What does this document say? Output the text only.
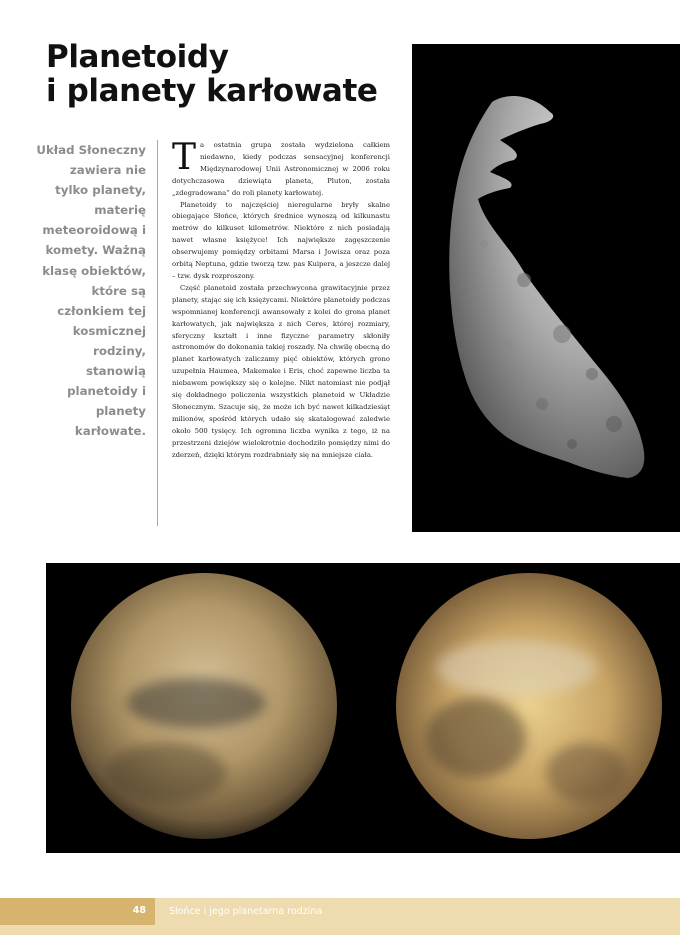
Planetoidy
i planety karłowate

Układ Słoneczny zawiera nie tylko planety, materię meteoroidową i komety. Ważną klasę obiektów, które są członkiem tej kosmicznej rodziny, stanowią planetoidy i planety karłowate.

Ta ostatnia grupa została wydzielona całkiem niedawno, kiedy podczas sensacyjnej konferencji Międzynarodowej Unii Astronomicznej w 2006 roku dotychczasowa dziewiąta planeta, Pluton, została „zdegradowana” do roli planety karłowatej.

Planetoidy to najczęściej nieregularne bryły skalne obiegające Słońce, których średnice wynoszą od kilkunastu metrów do kilkuset kilometrów. Niektóre z nich posiadają nawet własne księżyce! Ich największe zagęszczenie obserwujemy pomiędzy orbitami Marsa i Jowisza oraz poza orbitą Neptuna, gdzie tworzą tzw. pas Kuipera, a jeszcze dalej – tzw. dysk rozproszony.

Część planetoid została przechwycona grawitacyjnie przez planety, stając się ich księżycami. Niektóre planetoidy podczas wspomnianej konferencji awansowały z kolei do grona planet karłowatych, jak największa z nich Ceres, której rozmiary, sferyczny kształt i inne fizyczne parametry skłoniły astronomów do dokonania takiej roszady. Na chwilę obecną do planet karłowatych zaliczamy pięć obiektów, których grono uzupełnia Haumea, Makemake i Eris, choć zapewne liczba ta niebawem powiększy się o kolejne. Nikt natomiast nie podjął się dokładnego policzenia wszystkich planetoid w Układzie Słonecznym. Szacuje się, że może ich być nawet kilkadziesiąt milionów, spośród których udało się skatalogować zaledwie około 500 tysięcy. Ich ogromna liczba wynika z tego, iż na przestrzeni dziejów wielokrotnie dochodziło pomiędzy nimi do zderzeń, dzięki którym rozdrabniały się na mniejsze ciała.

48 Słońce i jego planetarna rodzina
